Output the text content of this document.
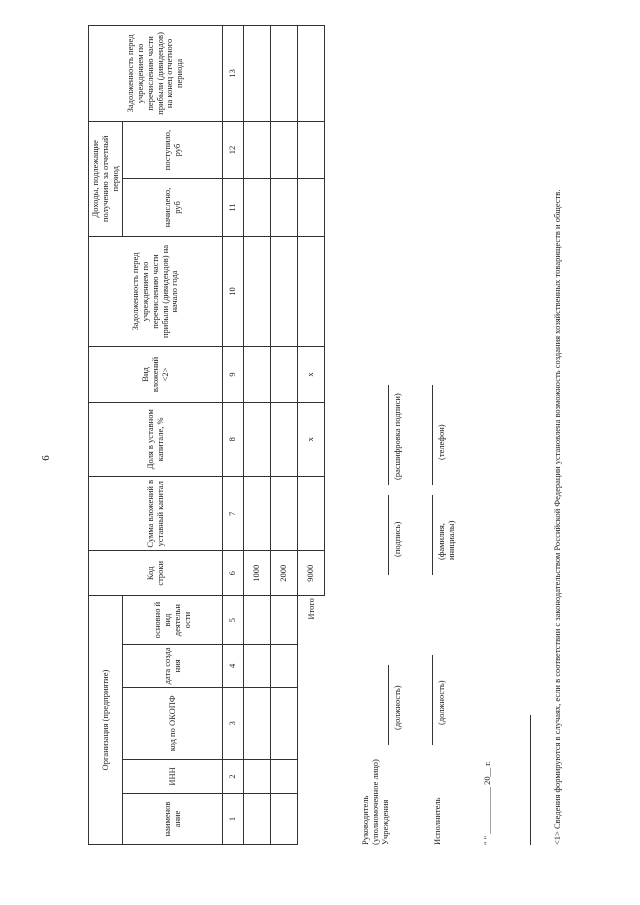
6
Организация (предприятие)					Код строки	Сумма вложений в уставный капитал	Доля в уставном капитале, %	Вид вложений <2>	Задолженность перед учреждением по перечислению части прибыли (дивидендов) на начало года	Доходы, подлежащие получению за отчетный период		Задолженность перед учреждением по перечислению части прибыли (дивидендов) на конец отчетного периода
наименов ание	ИНН	код по ОКОПФ	дата созда ния	основно й вид деятельн ости						начислено, руб	поступило, руб	
1	2	3	4	5	6	7	8	9	10	11	12	13
					1000							
					2000							
Итого					9000		x	x				
Руководитель (уполномоченное лицо) Учреждения
(должность)
(подпись)
(расшифровка подписи)
Исполнитель
(должность)
(фамилия, инициалы)
(телефон)
" " ___________ 20__ г.	<1> Сведения формируются в случаях, если в соответствии с законодательством Российской Федерации установлена возможность создания хозяйственных товариществ и обществ.
